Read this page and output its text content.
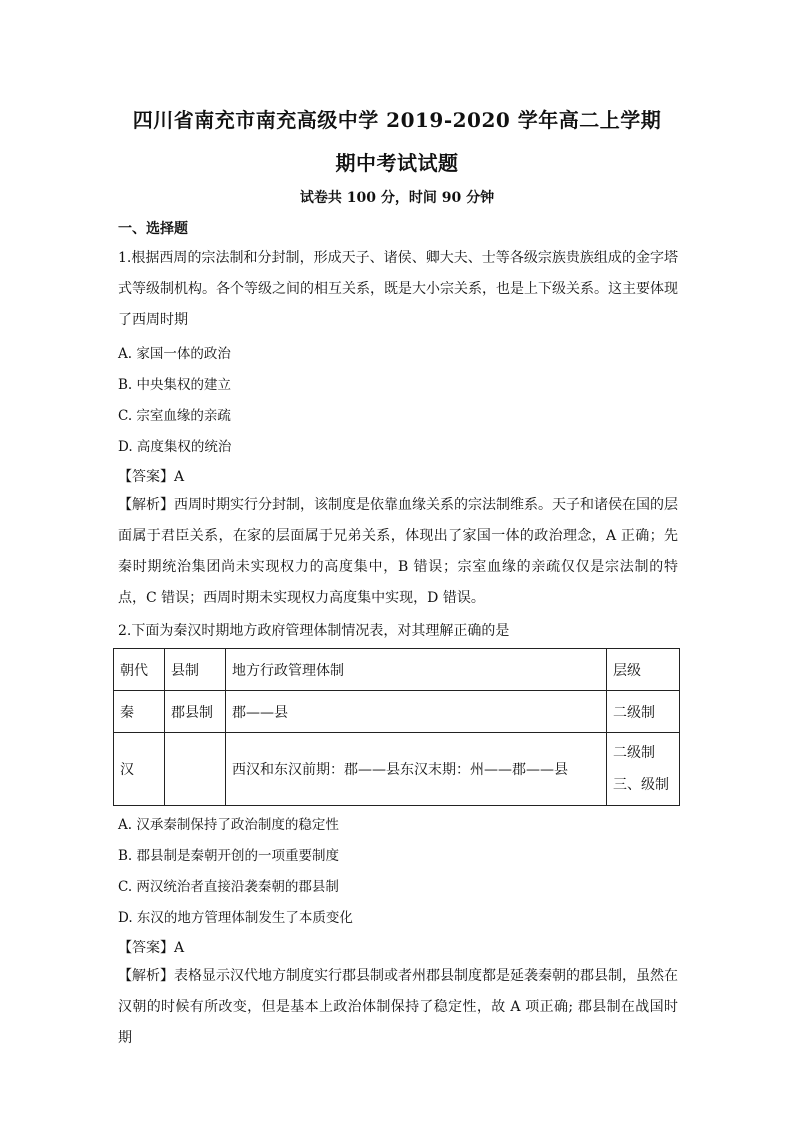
四川省南充市南充高级中学 2019-2020 学年高二上学期
期中考试试题
试卷共 100 分，时间 90 分钟
一、选择题

1.根据西周的宗法制和分封制，形成天子、诸侯、卿大夫、士等各级宗族贵族组成的金字塔式等级制机构。各个等级之间的相互关系，既是大小宗关系，也是上下级关系。这主要体现了西周时期

A. 家国一体的政治
B. 中央集权的建立
C. 宗室血缘的亲疏
D. 高度集权的统治
【答案】A

【解析】西周时期实行分封制，该制度是依靠血缘关系的宗法制维系。天子和诸侯在国的层面属于君臣关系，在家的层面属于兄弟关系，体现出了家国一体的政治理念，A 正确；先秦时期统治集团尚未实现权力的高度集中，B 错误；宗室血缘的亲疏仅仅是宗法制的特点，C 错误；西周时期未实现权力高度集中实现，D 错误。

2.下面为秦汉时期地方政府管理体制情况表，对其理解正确的是
朝代	县制	地方行政管理体制	层级
秦	郡县制	郡——县	二级制
汉		西汉和东汉前期：郡——县东汉末期：州——郡——县	二级制
三、级制
A. 汉承秦制保持了政治制度的稳定性
B. 郡县制是秦朝开创的一项重要制度
C. 两汉统治者直接沿袭秦朝的郡县制
D. 东汉的地方管理体制发生了本质变化
【答案】A

【解析】表格显示汉代地方制度实行郡县制或者州郡县制度都是延袭秦朝的郡县制，虽然在汉朝的时候有所改变，但是基本上政治体制保持了稳定性，故 A 项正确; 郡县制在战国时期
